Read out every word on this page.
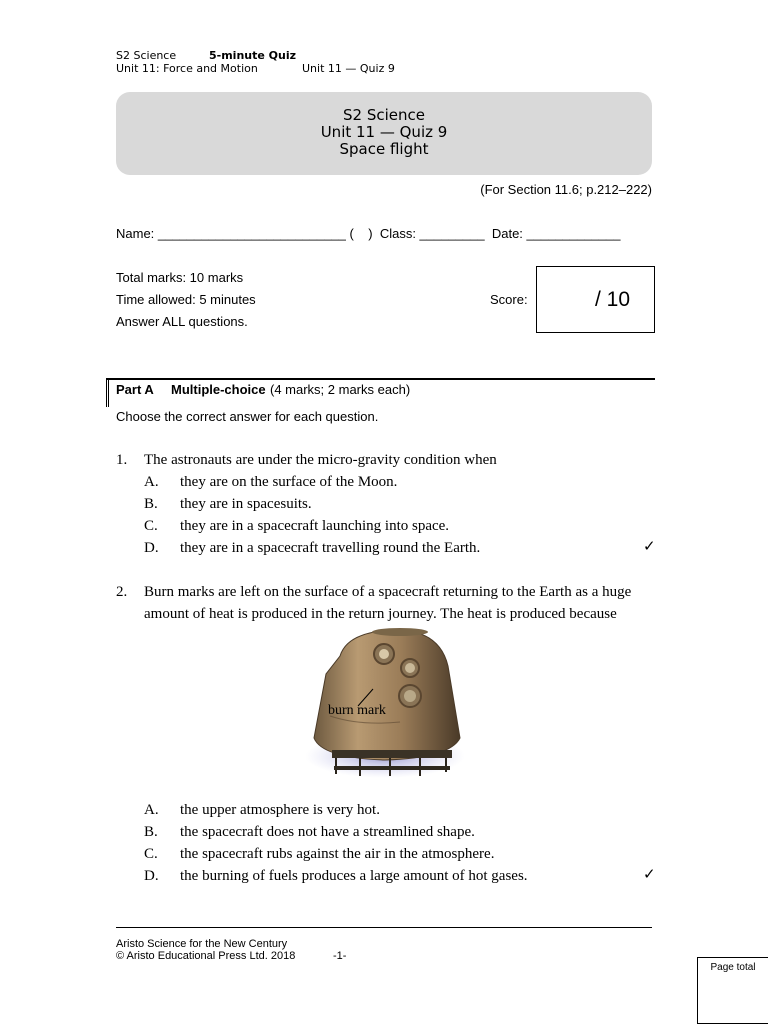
S2 Science	5-minute Quiz
Unit 11: Force and Motion	Unit 11 — Quiz 9
S2 Science
Unit 11 — Quiz 9
Space flight
(For Section 11.6; p.212–222)
Name: __________________________ (    )  Class: _________  Date: _____________
Total marks: 10 marks
Time allowed: 5 minutes
Answer ALL questions.
Score:	/ 10
Part A Multiple-choice (4 marks; 2 marks each)
Choose the correct answer for each question.
1. The astronauts are under the micro-gravity condition when
A. they are on the surface of the Moon.
B. they are in spacesuits.
C. they are in a spacecraft launching into space.
D. they are in a spacecraft travelling round the Earth.	✓
2. Burn marks are left on the surface of a spacecraft returning to the Earth as a huge
amount of heat is produced in the return journey. The heat is produced because
burn mark
A. the upper atmosphere is very hot.
B. the spacecraft does not have a streamlined shape.
C. the spacecraft rubs against the air in the atmosphere.
D. the burning of fuels produces a large amount of hot gases.	✓
Aristo Science for the New Century
© Aristo Educational Press Ltd. 2018	-1-
Page total
